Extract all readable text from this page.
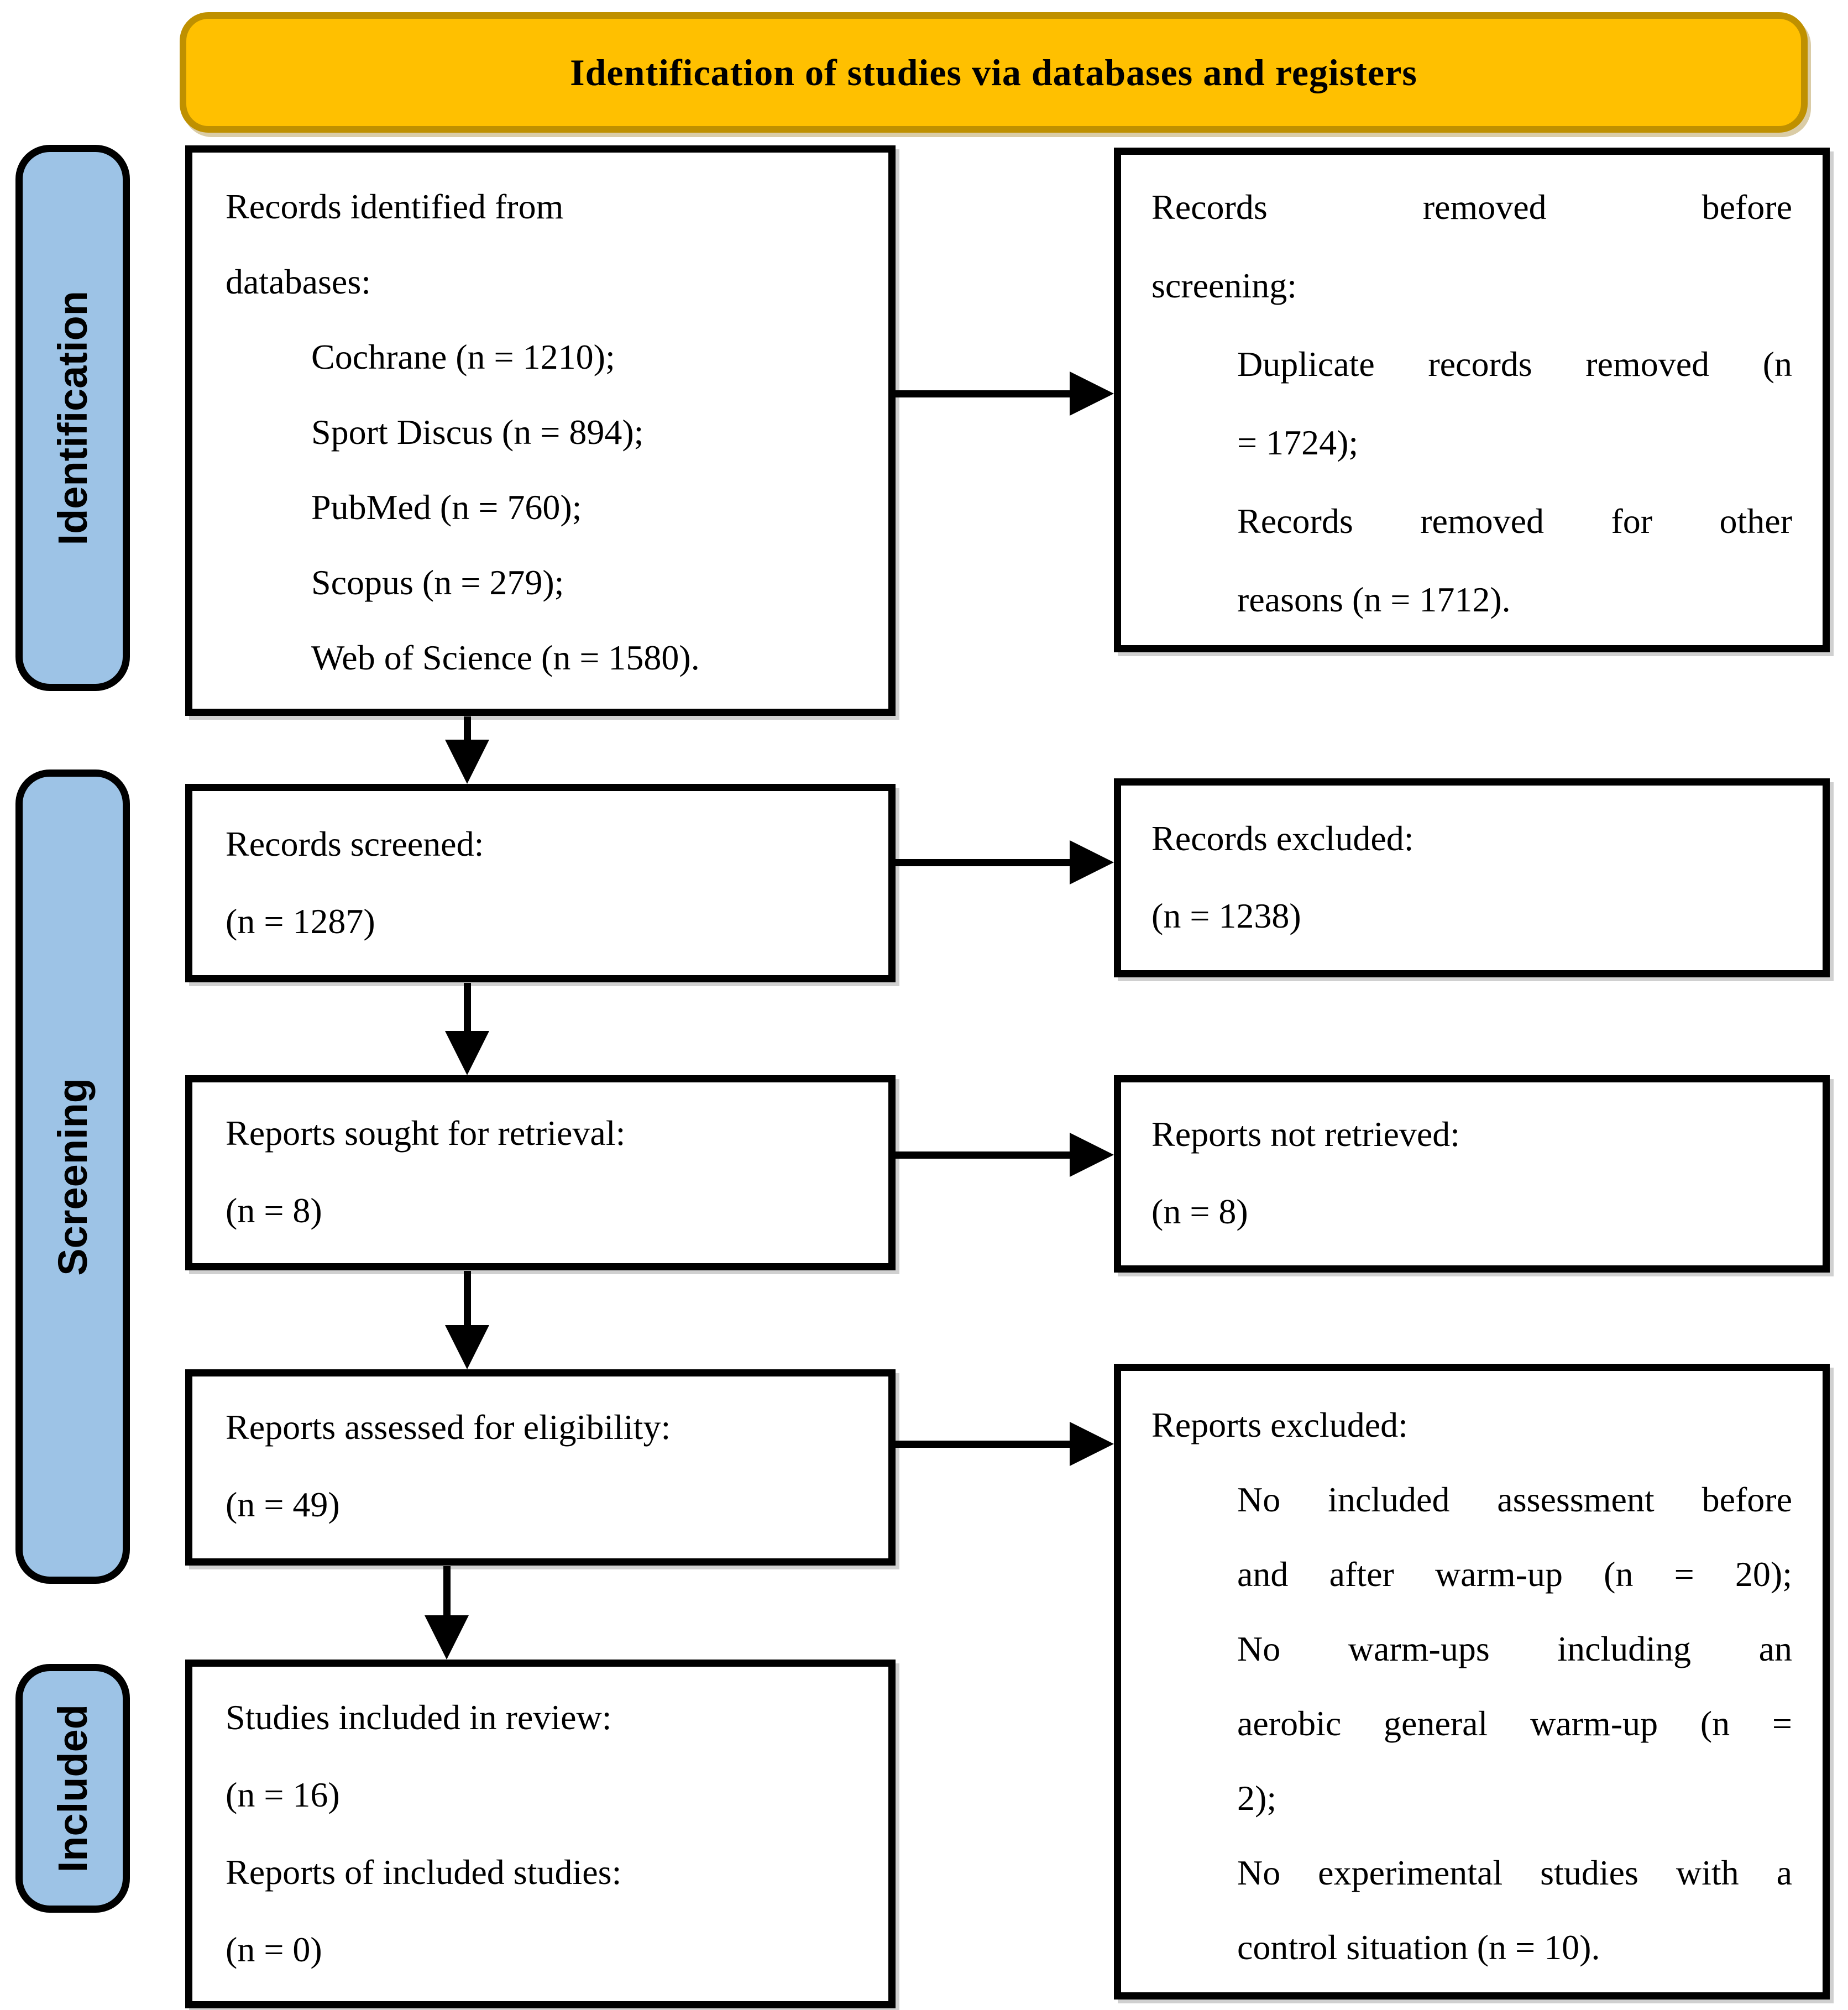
Identification of studies via databases and registers
Identification
Screening
Included
Records identified from
databases:
Cochrane (n = 1210);
Sport Discus (n = 894);
PubMed (n = 760);
Scopus (n = 279);
Web of Science (n = 1580).
Records removed before
screening:
Duplicate records removed (n
= 1724);
Records removed for other
reasons (n = 1712).
Records screened:
(n = 1287)
Records excluded:
(n = 1238)
Reports sought for retrieval:
(n = 8)
Reports not retrieved:
(n = 8)
Reports assessed for eligibility:
(n = 49)
Reports excluded:
No included assessment before
and after warm-up (n = 20);
No warm-ups including an
aerobic general warm-up (n =
2);
No experimental studies with a
control situation (n = 10).
Studies included in review:
(n = 16)
Reports of included studies:
(n = 0)
